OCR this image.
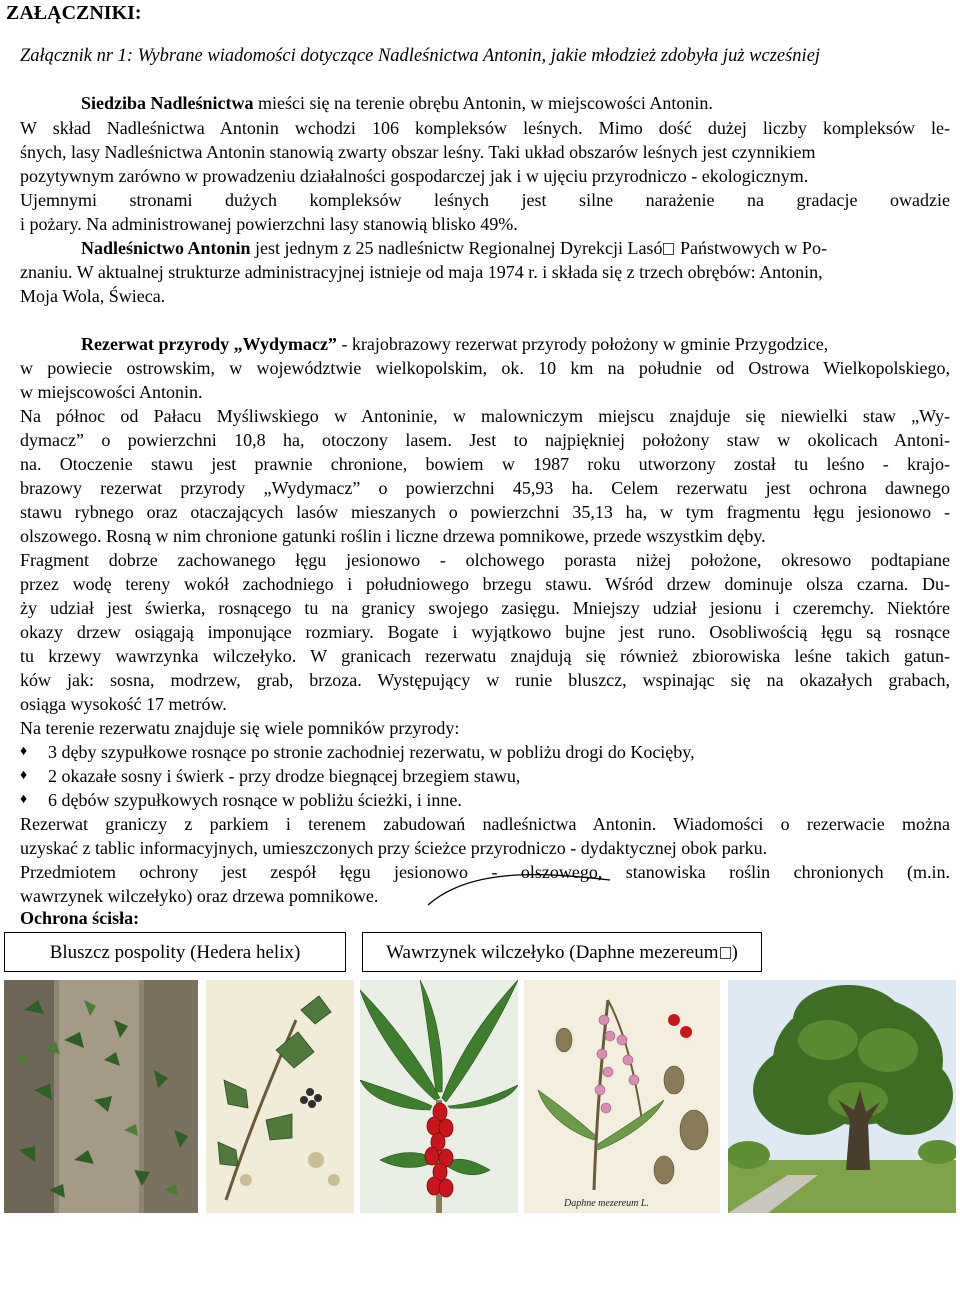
ZAŁĄCZNIKI:
Załącznik nr 1: Wybrane wiadomości dotyczące Nadleśnictwa Antonin, jakie młodzież zdobyła już wcześniej
Siedziba Nadleśnictwa mieści się na terenie obrębu Antonin, w miejscowości Antonin.
W skład Nadleśnictwa Antonin wchodzi 106 kompleksów leśnych. Mimo dość dużej liczby kompleksów le-
śnych, lasy Nadleśnictwa Antonin stanowią zwarty obszar leśny. Taki układ obszarów leśnych jest czynnikiem
pozytywnym zarówno w prowadzeniu działalności gospodarczej jak i w ujęciu przyrodniczo - ekologicznym.
Ujemnymi stronami dużych kompleksów leśnych jest silne narażenie na gradacje owadzie
i pożary. Na administrowanej powierzchni lasy stanowią blisko 49%.
Nadleśnictwo Antonin jest jednym z 25 nadleśnictw Regionalnej Dyrekcji Lasó Państwowych w Po-
znaniu. W aktualnej strukturze administracyjnej istnieje od maja 1974 r. i składa się z trzech obrębów: Antonin,
Moja Wola, Świeca.
Rezerwat przyrody „Wydymacz” - krajobrazowy rezerwat przyrody położony w gminie Przygodzice,
w powiecie ostrowskim, w województwie wielkopolskim, ok. 10 km na południe od Ostrowa Wielkopolskiego,
w miejscowości Antonin.
Na północ od Pałacu Myśliwskiego w Antoninie, w malowniczym miejscu znajduje się niewielki staw „Wy-
dymacz” o powierzchni 10,8 ha, otoczony lasem. Jest to najpiękniej położony staw w okolicach Antoni-
na. Otoczenie stawu jest prawnie chronione, bowiem w 1987 roku utworzony został tu leśno - krajo-
brazowy rezerwat przyrody „Wydymacz” o powierzchni 45,93 ha. Celem rezerwatu jest ochrona dawnego
stawu rybnego oraz otaczających lasów mieszanych o powierzchni 35,13 ha, w tym fragmentu łęgu jesionowo -
olszowego. Rosną w nim chronione gatunki roślin i liczne drzewa pomnikowe, przede wszystkim dęby.
Fragment dobrze zachowanego łęgu jesionowo - olchowego porasta niżej położone, okresowo podtapiane
przez wodę tereny wokół zachodniego i południowego brzegu stawu. Wśród drzew dominuje olsza czarna. Du-
ży udział jest świerka, rosnącego tu na granicy swojego zasięgu. Mniejszy udział jesionu i czeremchy. Niektóre
okazy drzew osiągają imponujące rozmiary. Bogate i wyjątkowo bujne jest runo. Osobliwością łęgu są rosnące
tu krzewy wawrzynka wilczełyko. W granicach rezerwatu znajdują się również zbiorowiska leśne takich gatun-
ków jak: sosna, modrzew, grab, brzoza. Występujący w runie bluszcz, wspinając się na okazałych grabach,
osiąga wysokość 17 metrów.
Na terenie rezerwatu znajduje się wiele pomników przyrody:
♦ 3 dęby szypułkowe rosnące po stronie zachodniej rezerwatu, w pobliżu drogi do Kocięby,
♦ 2 okazałe sosny i świerk - przy drodze biegnącej brzegiem stawu,
♦ 6 dębów szypułkowych rosnące w pobliżu ścieżki, i inne.
Rezerwat graniczy z parkiem i terenem zabudowań nadleśnictwa Antonin. Wiadomości o rezerwacie można
uzyskać z tablic informacyjnych, umieszczonych przy ścieżce przyrodniczo - dydaktycznej obok parku.
Przedmiotem ochrony jest zespół łęgu jesionowo - olszowego, stanowiska roślin chronionych (m.in.
wawrzynek wilczełyko) oraz drzewa pomnikowe.
Ochrona ścisła:
Bluszcz pospolity (Hedera helix)	Wawrzynek wilczełyko (Daphne mezereum )
Daphne mezereum L.
